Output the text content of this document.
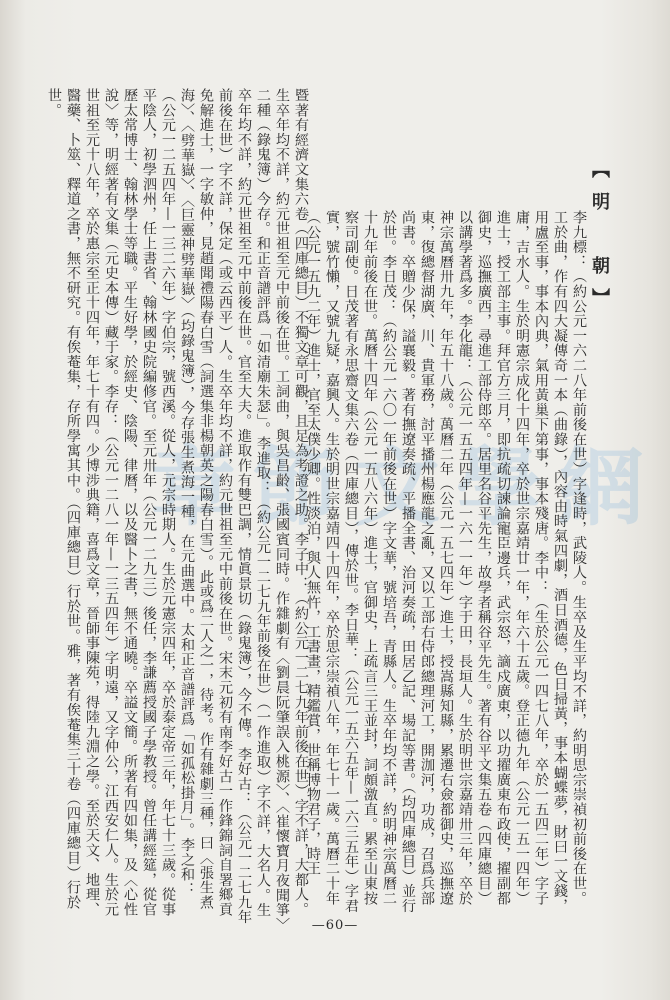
章節文學網
暨著有經濟文集六卷（四庫總目）不獨文章可觀，且足為考證之助。李子中：（約公元一二七九年前後在世）字不詳，大都人。生卒年均不詳，約元世祖至元中前後在世。工詞曲，與吳昌齡、張國賓同時。作雜劇有〈劉晨阮肇誤入桃源〉、〈崔懷寶月夜聞箏〉二種（錄鬼簿）今存。和正音譜評爲「如清廟朱瑟」。李進取：（約公元一二七九年前後在世）（一作進取）字不詳，大名人。生卒年均不詳，約元世祖至元中前後在世。官至大夫。進取作有雙巴調，情眞景切（錄鬼簿），今不傳。李好古：（公元一二七九年前後在世）字不詳，保定（或云西平）人。生卒年均不詳，約元世祖至元中前後在世。宋末元初有南李好古一作鋒錦詞自署鄉貢免解進士，一字敏仲，見趙聞禮陽春白雪（詞選集非楊朝英之陽春白雪）。此或爲二人之一，待考。作有雜劇三種，曰〈張生煮海〉、〈劈華嶽〉、〈巨靈神劈華嶽〉（均錄鬼簿），今存張生煮海一種，在元曲選中。太和正音譜評爲「如孤松掛月」。李之和：（公元一二五四年—一三二六年）字伯宗，號西溪。從人，元宗時期人。生於元憲宗四年，卒於泰定帝三年，年七十三歲。從事平陰人，初學泗州，任上書省、翰林國史院編修官。至元卅年（公元一二九三）後任，李謙薦授國子學教授。曾任講經筵，從官歷太常博士、翰林學士等職。平生好學，於經史、陰陽、律曆，以及醫卜之書，無不通曉。卒謚文簡。所著有四如集，及〈心性說〉等，明經著有文集（元史本傳）藏于家。李存：（公元一二八一年—一三五四年）字明遠，又字仲公，江西安仁人。生於元世祖至元十八年，卒於惠宗至正十四年，年七十有四。少博涉典籍，喜爲文章，晉師事陳苑，得陸九淵之學。至於天文、地理、醫藥、卜筮、釋道之書，無不研究。有俟菴集，存所學寓其中。（四庫總目）行於世。雅，著有俟菴集三十卷（四庫總目）行於世。
【明　朝】
李九標：（約公元一六二八年前後在世）字逢時，武陵人。生卒及生平均不詳，約明思宗崇禎初前後在世。工於曲，作有四大凝傳奇一本（曲錄），內容由時氣四劇，酒日酒德，色日掃黃，事本蝴蝶夢，財曰一文錢，用盧至事，事本內典，氣用黃巢下第事，事本殘唐。李中：（生於公元一四七八年，卒於一五四二年）字子庸，吉水人。生於明憲宗成化十四年，卒於世宗嘉靖廿一年，年六十五歲。登正德九年（公元一五一四年）進士，授工部主事。拜官方三月，即抗疏切諫論寵臣邊兵，武宗怒，謫戍廣東，以功擢廣東布政使，擢副都御史，巡撫廣西，尋進工部侍郎卒。居里名谷平先生，故學者稱谷平先生。著有谷平文集五卷（四庫總目）以講學著爲多。李化龍：（公元一五五四年—一六一一年）字于田，長垣人。生於明世宗嘉靖卅三年，卒於神宗萬曆卅九年，年五十八歲。萬曆二年（公元一五七四年）進士，授嵩縣知縣，累遷右僉都御史，巡撫遼東，復總督湖廣、川、貴軍務，討平播州楊應龍之亂，又以工部右侍郎總理河工，開泇河，功成，召爲兵部尚書。卒贈少保，謚襄毅。著有撫遼奏疏、平播全書、治河奏疏，田居乙記、場記等書。（均四庫總目）並行於世。李日茂：（約公元一六〇一年前後在世）字文華，號培吾，青縣人。生卒年均不詳，約明神宗萬曆二十九年前後在世。萬曆十四年（公元一五八六年）進士，官御史，上疏言三王並封，詞頗激直。累至山東按察司副使。日茂著有永思齋文集六卷（四庫總目），傳於世。李日華：（公元一五六五年—一六三五年）字君實，號竹懶，又號九疑，嘉興人。生於明世宗嘉靖四十四年，卒於思宗崇禎八年，年七十一歲。萬曆二十年（公元一五九二年）進士，官至太僕少卿。性淡泊，與人無忤，工書畫，精鑑賞，世稱博物君子，時王
—60—
